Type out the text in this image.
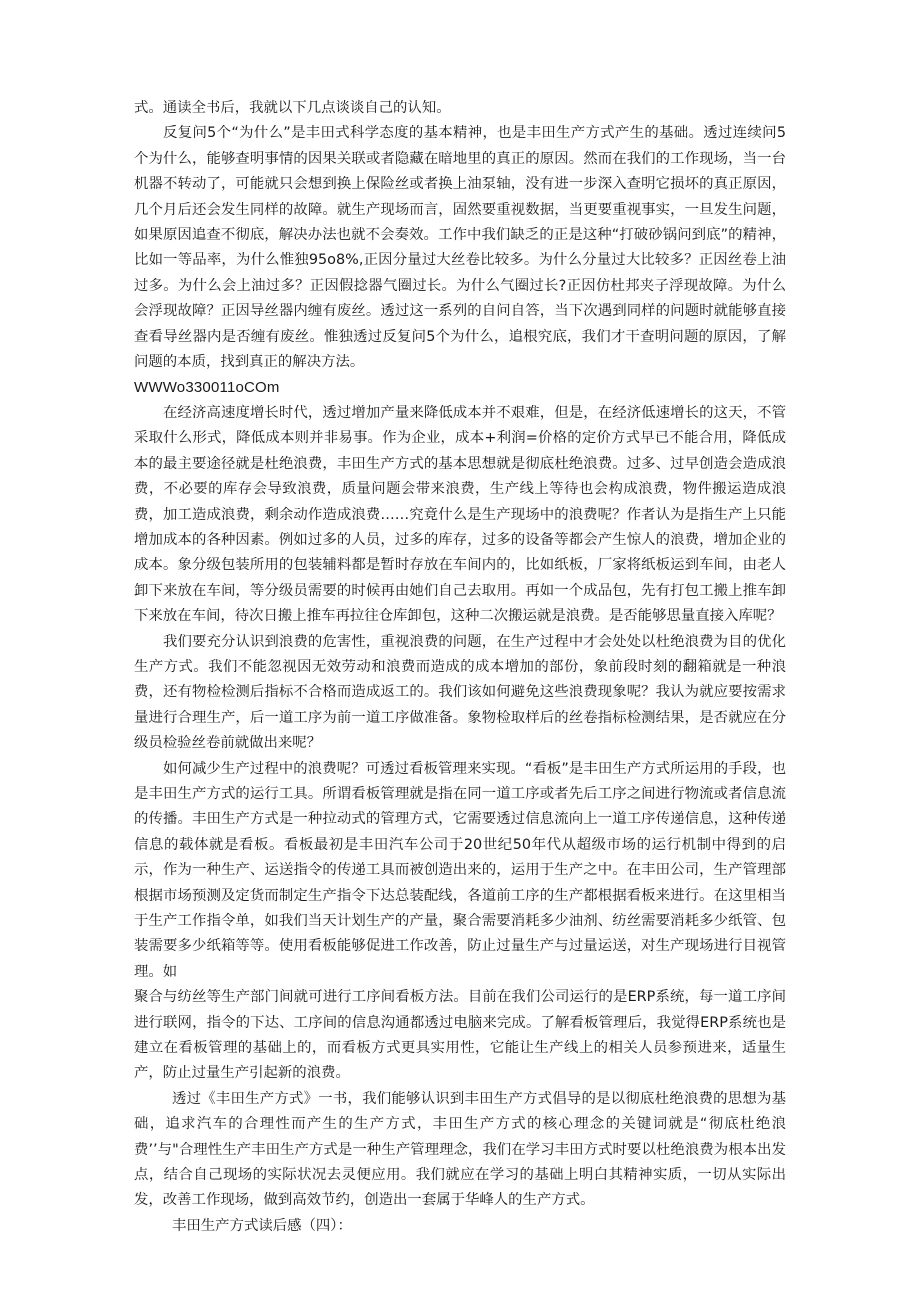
式。通读全书后，我就以下几点谈谈自己的认知。

反复问5个“为什么”是丰田式科学态度的基本精神，也是丰田生产方式产生的基础。透过连续问5个为什么，能够查明事情的因果关联或者隐藏在暗地里的真正的原因。然而在我们的工作现场，当一台机器不转动了，可能就只会想到换上保险丝或者换上油泵轴，没有进一步深入查明它损坏的真正原因，几个月后还会发生同样的故障。就生产现场而言，固然要重视数据，当更要重视事实，一旦发生问题，如果原因追查不彻底，解决办法也就不会奏效。工作中我们缺乏的正是这种“打破砂锅问到底”的精神，比如一等品率，为什么惟独95o8%,正因分量过大丝卷比较多。为什么分量过大比较多？正因丝卷上油过多。为什么会上油过多？正因假捻器气圈过长。为什么气圈过长?正因仿杜邦夹子浮现故障。为什么会浮现故障？正因导丝器内缠有废丝。透过这一系列的自问自答，当下次遇到同样的问题时就能够直接查看导丝器内是否缠有废丝。惟独透过反复问5个为什么，追根究底，我们才干查明问题的原因，了解问题的本质，找到真正的解决方法。

WWWo330011oCOm

在经济高速度增长时代，透过增加产量来降低成本并不艰难，但是，在经济低速增长的这天，不管采取什么形式，降低成本则并非易事。作为企业，成本+利润=价格的定价方式早已不能合用，降低成本的最主要途径就是杜绝浪费，丰田生产方式的基本思想就是彻底杜绝浪费。过多、过早创造会造成浪费，不必要的库存会导致浪费，质量问题会带来浪费，生产线上等待也会构成浪费，物件搬运造成浪费，加工造成浪费，剩余动作造成浪费……究竟什么是生产现场中的浪费呢？作者认为是指生产上只能增加成本的各种因素。例如过多的人员，过多的库存，过多的设备等都会产生惊人的浪费，增加企业的成本。象分级包装所用的包装辅料都是暂时存放在车间内的，比如纸板，厂家将纸板运到车间，由老人卸下来放在车间，等分级员需要的时候再由她们自己去取用。再如一个成品包，先有打包工搬上推车卸下来放在车间，待次日搬上推车再拉往仓库卸包，这种二次搬运就是浪费。是否能够思量直接入库呢？

我们要充分认识到浪费的危害性，重视浪费的问题，在生产过程中才会处处以杜绝浪费为目的优化生产方式。我们不能忽视因无效劳动和浪费而造成的成本增加的部份，象前段时刻的翻箱就是一种浪费，还有物检检测后指标不合格而造成返工的。我们该如何避免这些浪费现象呢？我认为就应要按需求量进行合理生产，后一道工序为前一道工序做准备。象物检取样后的丝卷指标检测结果，是否就应在分级员检验丝卷前就做出来呢？

如何减少生产过程中的浪费呢？可透过看板管理来实现。“看板”是丰田生产方式所运用的手段，也是丰田生产方式的运行工具。所谓看板管理就是指在同一道工序或者先后工序之间进行物流或者信息流的传播。丰田生产方式是一种拉动式的管理方式，它需要透过信息流向上一道工序传递信息，这种传递信息的载体就是看板。看板最初是丰田汽车公司于20世纪50年代从超级市场的运行机制中得到的启示，作为一种生产、运送指令的传递工具而被创造出来的，运用于生产之中。在丰田公司，生产管理部根据市场预测及定货而制定生产指令下达总装配线，各道前工序的生产都根据看板来进行。在这里相当于生产工作指令单，如我们当天计划生产的产量，聚合需要消耗多少油剂、纺丝需要消耗多少纸管、包装需要多少纸箱等等。使用看板能够促进工作改善，防止过量生产与过量运送，对生产现场进行目视管理。如

聚合与纺丝等生产部门间就可进行工序间看板方法。目前在我们公司运行的是ERP系统，每一道工序间进行联网，指令的下达、工序间的信息沟通都透过电脑来完成。了解看板管理后，我觉得ERP系统也是建立在看板管理的基础上的，而看板方式更具实用性，它能让生产线上的相关人员参预进来，适量生产，防止过量生产引起新的浪费。

透过《丰田生产方式》一书，我们能够认识到丰田生产方式倡导的是以彻底杜绝浪费的思想为基础，追求汽车的合理性而产生的生产方式，丰田生产方式的核心理念的关键词就是“彻底杜绝浪费’’与"合理性生产丰田生产方式是一种生产管理理念，我们在学习丰田方式时要以杜绝浪费为根本出发点，结合自己现场的实际状况去灵便应用。我们就应在学习的基础上明白其精神实质，一切从实际出发，改善工作现场，做到高效节约，创造出一套属于华峰人的生产方式。

丰田生产方式读后感（四）：
